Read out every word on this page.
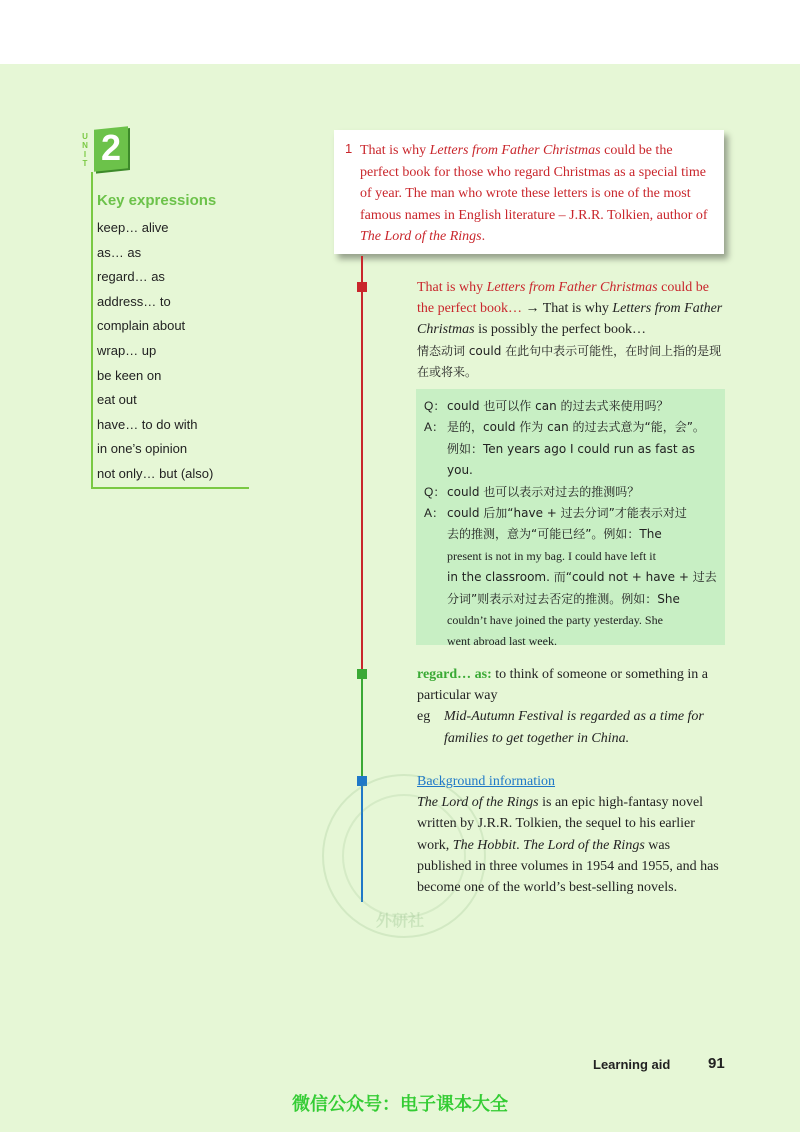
U
N
I
T 2
Key expressions
keep… alive
as… as
regard… as
address… to
complain about
wrap… up
be keen on
eat out
have… to do with
in one’s opinion
not only… but (also)
1 That is why Letters from Father Christmas could be the perfect book for those who regard Christmas as a special time of year. The man who wrote these letters is one of the most famous names in English literature – J.R.R. Tolkien, author of The Lord of the Rings.
That is why Letters from Father Christmas could be the perfect book… → That is why Letters from Father Christmas is possibly the perfect book…
情态动词 could 在此句中表示可能性，在时间上指的是现在或将来。
Q： could 也可以作 can 的过去式来使用吗？
A： 是的，could 作为 can 的过去式意为“能，会”。
例如：Ten years ago I could run as fast as you.
Q： could 也可以表示对过去的推测吗？
A： could 后加“have + 过去分词”才能表示对过
去的推测，意为“可能已经”。例如：The
present is not in my bag. I could have left it
in the classroom. 而“could not + have + 过去
分词”则表示对过去否定的推测。例如：She
couldn’t have joined the party yesterday. She
went abroad last week.
regard… as: to think of someone or something in a particular way
eg Mid-Autumn Festival is regarded as a time for
families to get together in China.
外研社
Background information
The Lord of the Rings is an epic high-fantasy novel written by J.R.R. Tolkien, the sequel to his earlier work, The Hobbit. The Lord of the Rings was published in three volumes in 1954 and 1955, and has become one of the world’s best-selling novels.
Learning aid	91
微信公众号：电子课本大全
